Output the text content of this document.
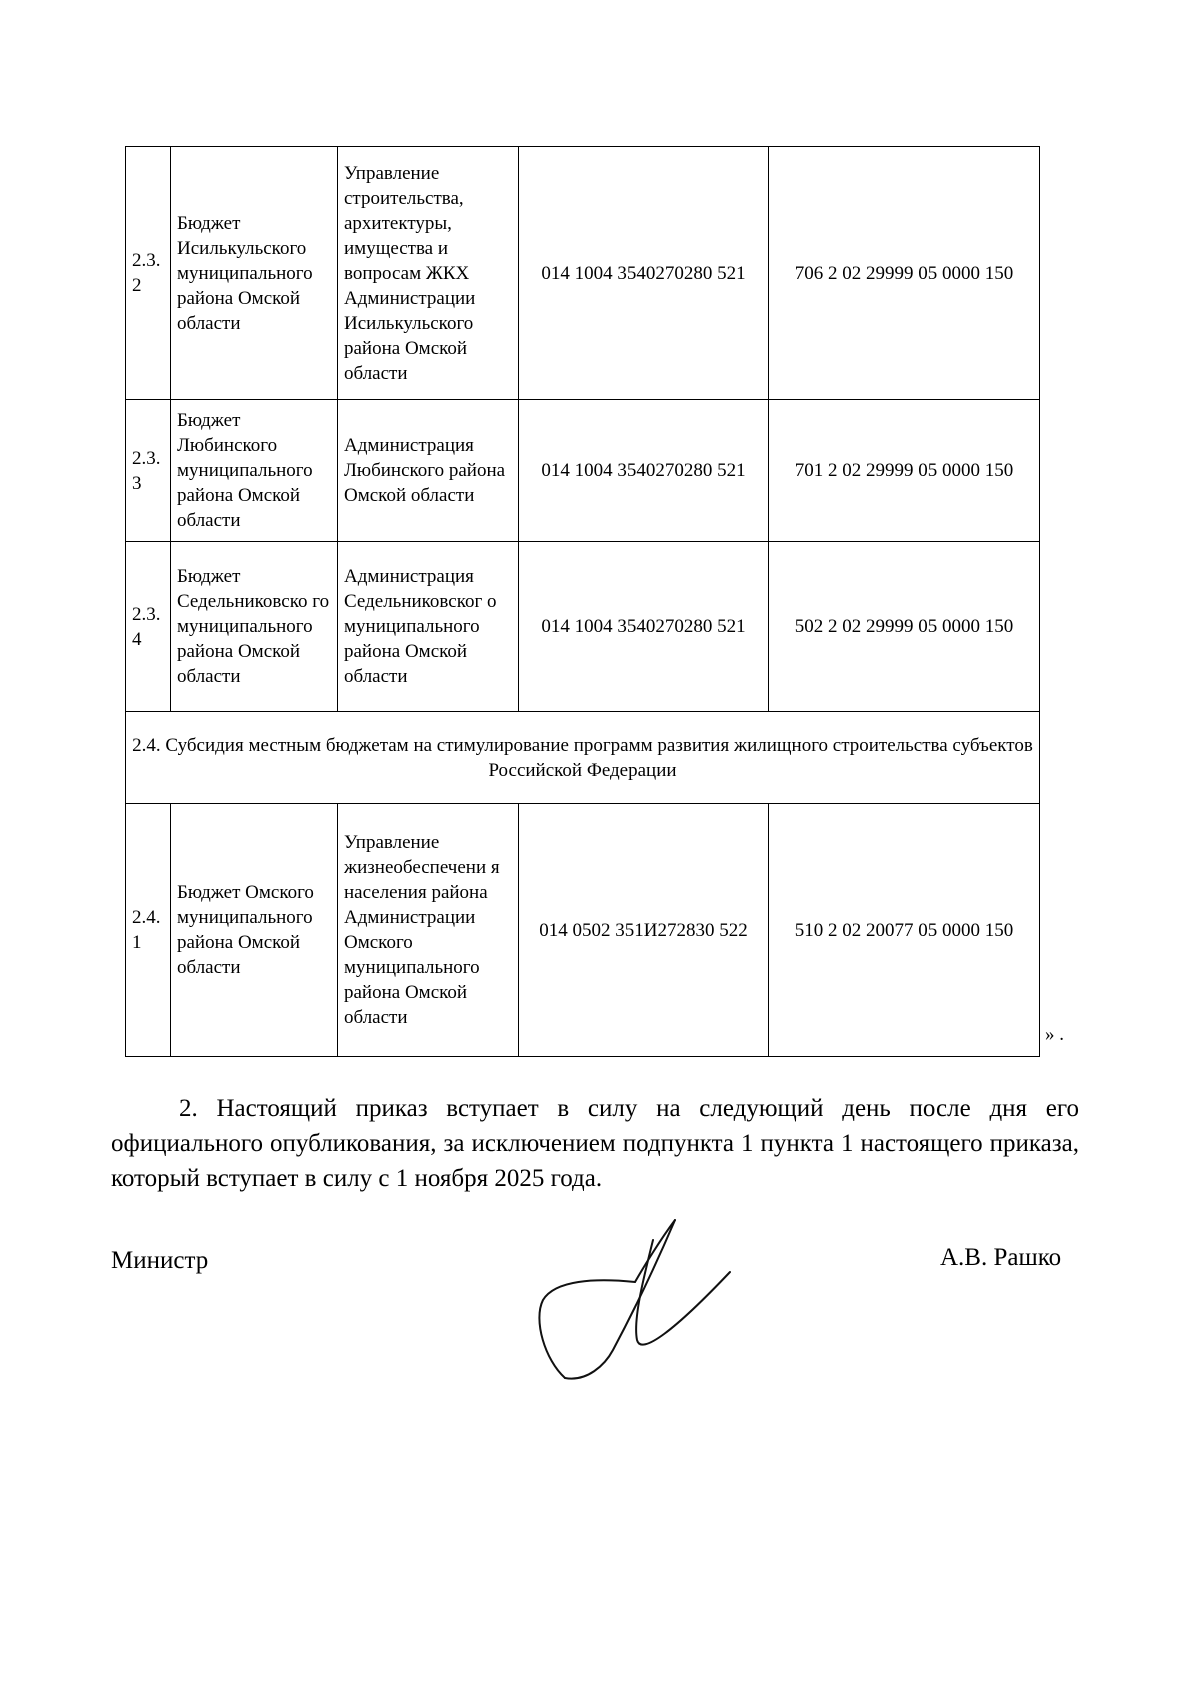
2.3.2	Бюджет Исилькульского муниципального района Омской области	Управление строительства, архитектуры, имущества и вопросам ЖКХ Администрации Исилькульского района Омской области	014 1004 3540270280 521	706 2 02 29999 05 0000 150
2.3.3	Бюджет Любинского муниципального района Омской области	Администрация Любинского района Омской области	014 1004 3540270280 521	701 2 02 29999 05 0000 150
2.3.4	Бюджет Седельниковско го муниципального района Омской области	Администрация Седельниковског о муниципального района Омской области	014 1004 3540270280 521	502 2 02 29999 05 0000 150
2.4. Субсидия местным бюджетам на стимулирование программ развития жилищного строительства субъектов Российской Федерации				
2.4.1	Бюджет Омского муниципального района Омской области	Управление жизнеобеспечени я населения района Администрации Омского муниципального района Омской области	014 0502 351И272830 522	510 2 02 20077 05 0000 150
» .

2. Настоящий приказ вступает в силу на следующий день после дня его официального опубликования, за исключением подпункта 1 пункта 1 настоящего приказа, который вступает в силу с 1 ноября 2025 года.

Министр	А.В. Рашко
